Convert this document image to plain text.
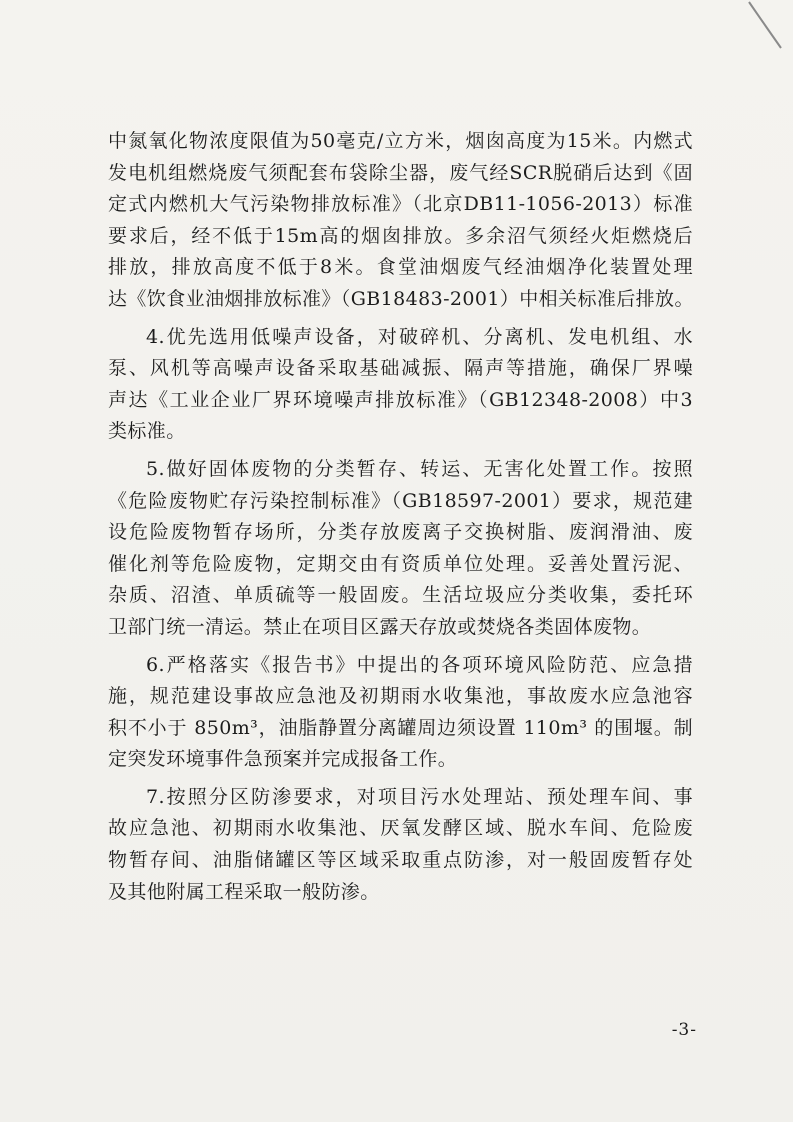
中氮氧化物浓度限值为50毫克/立方米，烟囱高度为15米。内燃式
发电机组燃烧废气须配套布袋除尘器，废气经SCR脱硝后达到《固
定式内燃机大气污染物排放标准》（北京DB11-1056-2013）标准
要求后，经不低于15m高的烟囱排放。多余沼气须经火炬燃烧后
排放，排放高度不低于8米。食堂油烟废气经油烟净化装置处理
达《饮食业油烟排放标准》（GB18483-2001）中相关标准后排放。
4.优先选用低噪声设备，对破碎机、分离机、发电机组、水
泵、风机等高噪声设备采取基础减振、隔声等措施，确保厂界噪
声达《工业企业厂界环境噪声排放标准》（GB12348-2008）中3
类标准。
5.做好固体废物的分类暂存、转运、无害化处置工作。按照
《危险废物贮存污染控制标准》（GB18597-2001）要求，规范建
设危险废物暂存场所，分类存放废离子交换树脂、废润滑油、废
催化剂等危险废物，定期交由有资质单位处理。妥善处置污泥、
杂质、沼渣、单质硫等一般固废。生活垃圾应分类收集，委托环
卫部门统一清运。禁止在项目区露天存放或焚烧各类固体废物。
6.严格落实《报告书》中提出的各项环境风险防范、应急措
施，规范建设事故应急池及初期雨水收集池，事故废水应急池容
积不小于 850m³，油脂静置分离罐周边须设置 110m³ 的围堰。制
定突发环境事件急预案并完成报备工作。
7.按照分区防渗要求，对项目污水处理站、预处理车间、事
故应急池、初期雨水收集池、厌氧发酵区域、脱水车间、危险废
物暂存间、油脂储罐区等区域采取重点防渗，对一般固废暂存处
及其他附属工程采取一般防渗。
-3-
